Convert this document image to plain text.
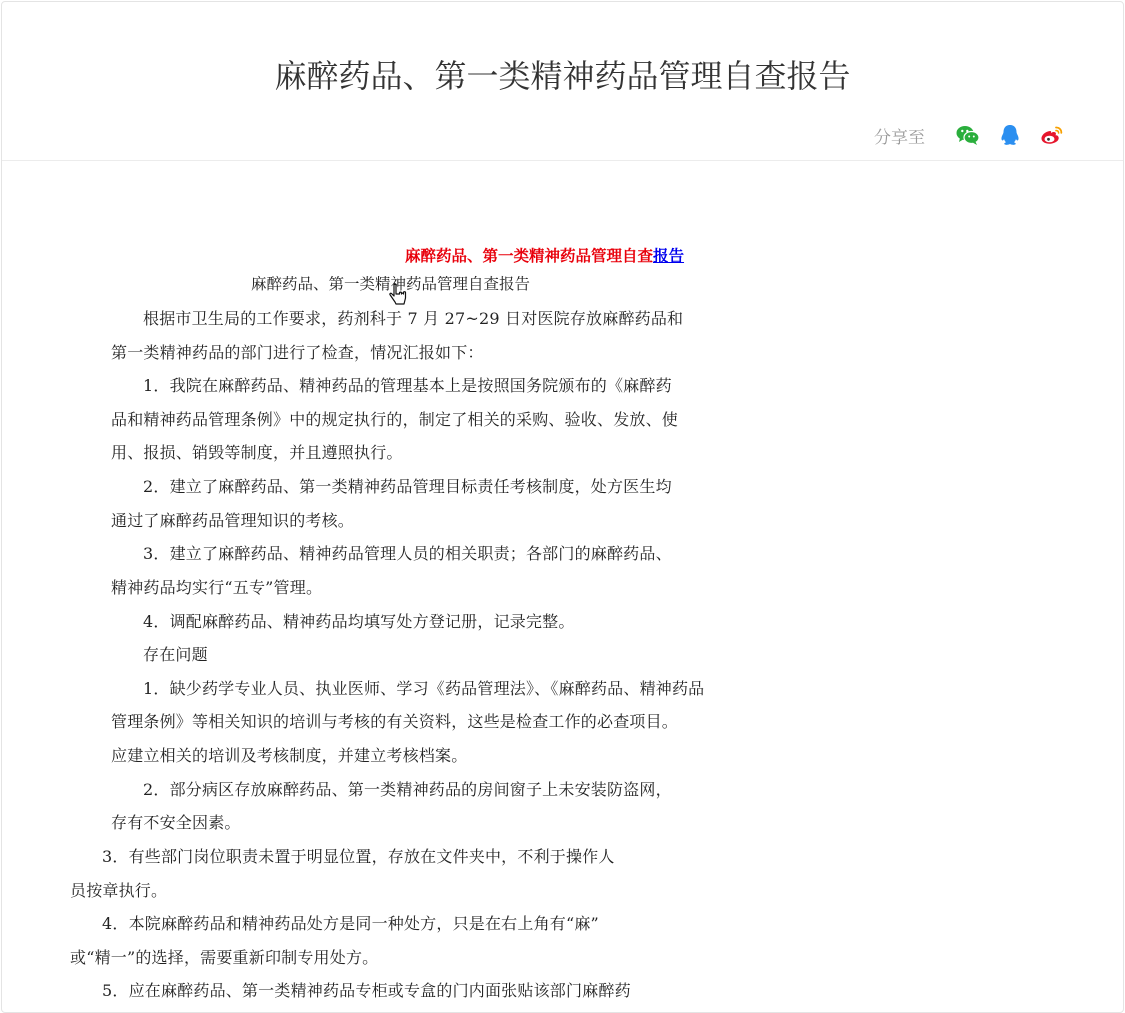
麻醉药品、第一类精神药品管理自查报告
分享至
麻醉药品、第一类精神药品管理自查报告
麻醉药品、第一类精神药品管理自查报告
根据市卫生局的工作要求，药剂科于 7 月 27~29 日对医院存放麻醉药品和
第一类精神药品的部门进行了检查，情况汇报如下：
1．我院在麻醉药品、精神药品的管理基本上是按照国务院颁布的《麻醉药
品和精神药品管理条例》中的规定执行的，制定了相关的采购、验收、发放、使
用、报损、销毁等制度，并且遵照执行。
2．建立了麻醉药品、第一类精神药品管理目标责任考核制度，处方医生均
通过了麻醉药品管理知识的考核。
3．建立了麻醉药品、精神药品管理人员的相关职责；各部门的麻醉药品、
精神药品均实行“五专”管理。
4．调配麻醉药品、精神药品均填写处方登记册，记录完整。
存在问题
1．缺少药学专业人员、执业医师、学习《药品管理法》、《麻醉药品、精神药品
管理条例》等相关知识的培训与考核的有关资料，这些是检查工作的必查项目。
应建立相关的培训及考核制度，并建立考核档案。
2．部分病区存放麻醉药品、第一类精神药品的房间窗子上未安装防盗网，
存有不安全因素。
3．有些部门岗位职责未置于明显位置，存放在文件夹中，不利于操作人
员按章执行。
4．本院麻醉药品和精神药品处方是同一种处方，只是在右上角有“麻”
或“精一”的选择，需要重新印制专用处方。
5．应在麻醉药品、第一类精神药品专柜或专盒的门内面张贴该部门麻醉药
